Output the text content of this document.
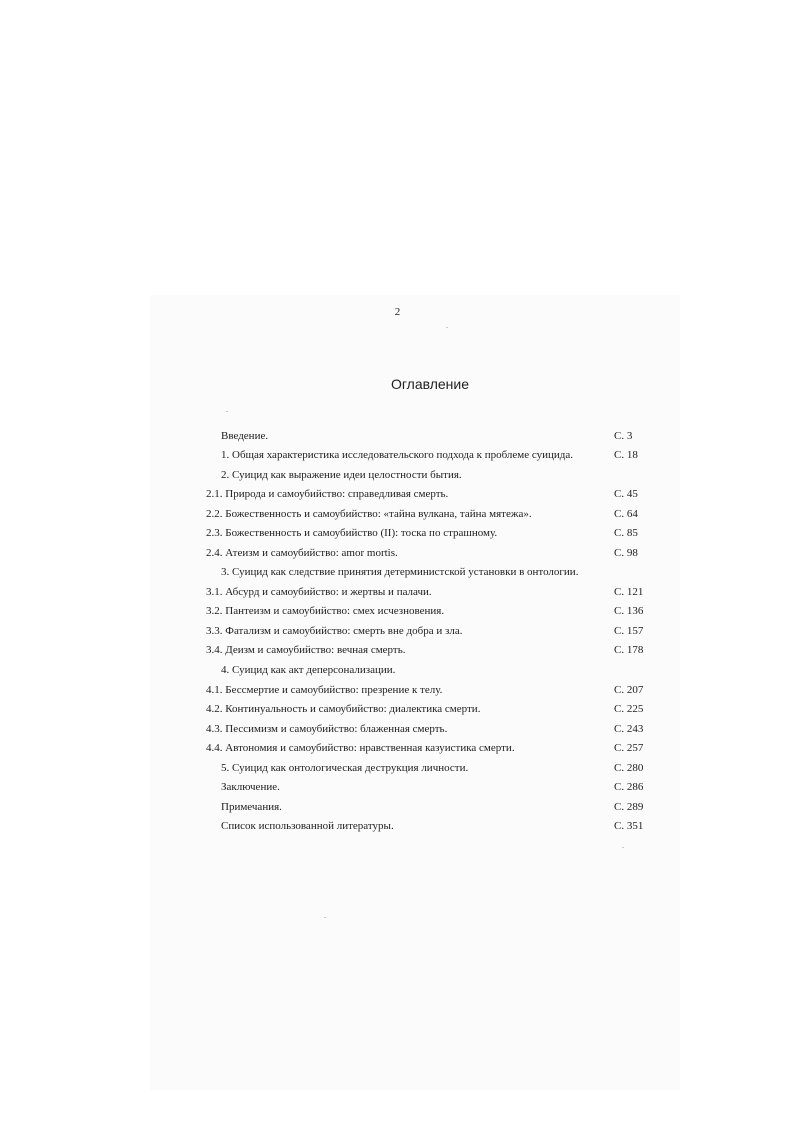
2
Оглавление
Введение.	С. 3
1. Общая характеристика исследовательского подхода к проблеме суицида.	С. 18
2. Суицид как выражение идеи целостности бытия.
2.1. Природа и самоубийство: справедливая смерть.	С. 45
2.2. Божественность и самоубийство: «тайна вулкана, тайна мятежа».	С. 64
2.3. Божественность и самоубийство (II): тоска по страшному.	С. 85
2.4. Атеизм и самоубийство: amor mortis.	С. 98
3. Суицид как следствие принятия детерминистской установки в онтологии.
3.1. Абсурд и самоубийство: и жертвы и палачи.	С. 121
3.2. Пантеизм и самоубийство: смех исчезновения.	С. 136
3.3. Фатализм и самоубийство: смерть вне добра и зла.	С. 157
3.4. Деизм и самоубийство: вечная смерть.	С. 178
4. Суицид как акт деперсонализации.
4.1. Бессмертие и самоубийство: презрение к телу.	С. 207
4.2. Континуальность и самоубийство: диалектика смерти.	С. 225
4.3. Пессимизм и самоубийство: блаженная смерть.	С. 243
4.4. Автономия и самоубийство: нравственная казуистика смерти.	С. 257
5. Суицид как онтологическая деструкция личности.	С. 280
Заключение.	С. 286
Примечания.	С. 289
Список использованной литературы.	С. 351
